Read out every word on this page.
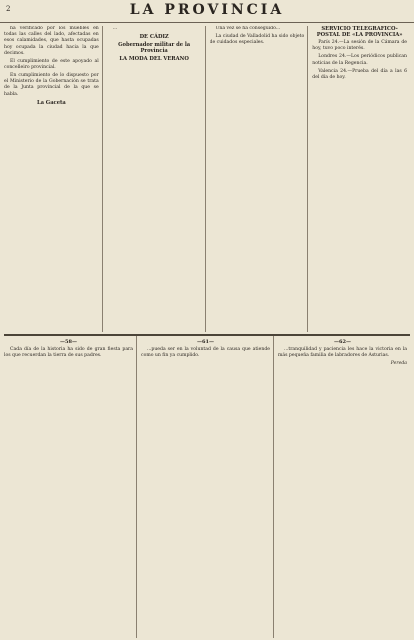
2	LA PROVINCIA

ha verificado por los muebles en todas las calles del lado, afectadas en esos calamidades, que hasta ocupadas hoy ocupada la ciudad hacia la que decimos.

El cumplimiento de este apoyado al concelleiro provincial.

En cumplimiento de lo dispuesto por el Ministerio de la Gobernación se trata de la Junta provincial de la que se habla.

La Gaceta

...

DE CÁDIZ

Gobernador militar de la Provincia

LA MODA DEL VERANO

Una vez se ha conseguido...

La ciudad de Valladolid ha sido objeto de cuidados especiales.

SERVICIO TELEGRÁFICO-POSTAL DE «LA PROVINCIA»

París 24.—La sesión de la Cámara de hoy, tuvo poco interés.

Londres 24.—Los periódicos publican noticias de la Regencia.

Valencia 24.—Prueba del día a las 6 del día de hoy.

—58—

Cada día de la historia ha sido de gran fiesta para los que recuerdan la tierra de sus padres.

—61—

...pueda ser en la voluntad de la causa que atiende como un fin ya cumplido.

—62—

...tranquilidad y paciencia les hace la victoria en la más pequeña familia de labradores de Asturias.

Pereda
